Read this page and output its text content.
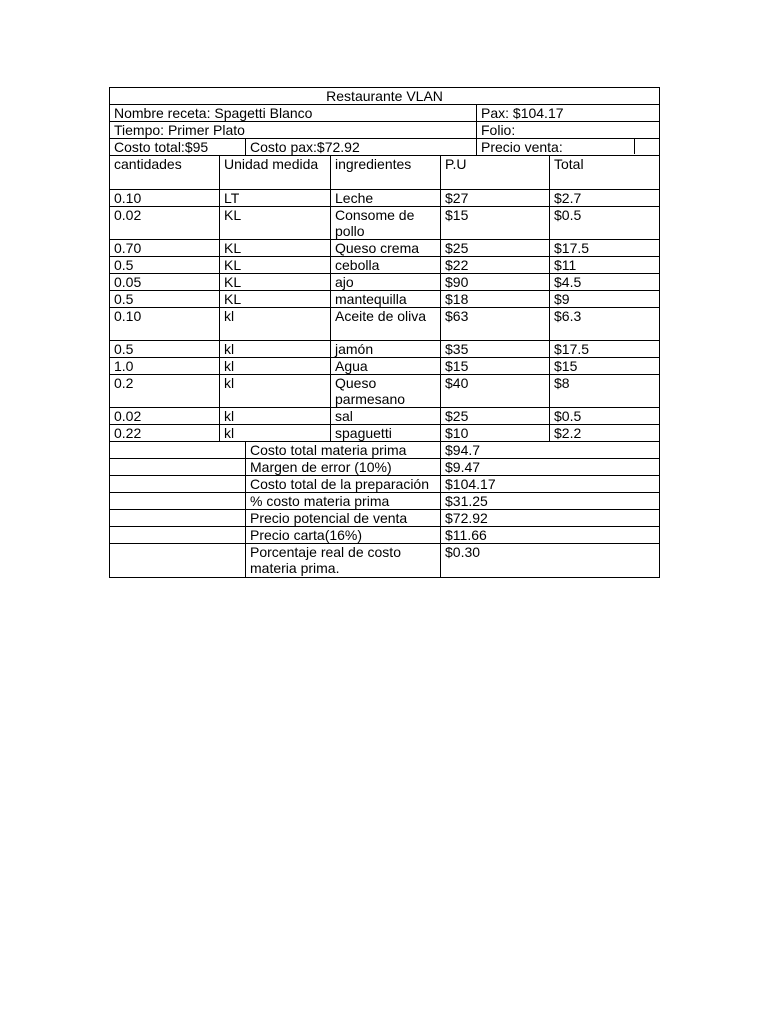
Restaurante VLAN						
Nombre receta: Spagetti Blanco					Pax: $104.17	
Tiempo: Primer Plato					Folio:	
Costo total:$95		Costo pax:$72.92			Precio venta:	

cantidades	Unidad medida		ingredientes	P.U		Total
0.10	LT		Leche	$27		$2.7
0.02	KL		Consome de pollo	$15		$0.5
0.70	KL		Queso crema	$25		$17.5
0.5	KL		cebolla	$22		$11
0.05	KL		ajo	$90		$4.5
0.5	KL		mantequilla	$18		$9
0.10	kl		Aceite de oliva	$63		$6.3
0.5	kl		jamón	$35		$17.5
1.0	kl		Agua	$15		$15
0.2	kl		Queso parmesano	$40		$8
0.02	kl		sal	$25		$0.5
0.22	kl		spaguetti	$10		$2.2
		Costo total materia prima		$94.7		
		Margen de error (10%)		$9.47		
		Costo total de la preparación		$104.17		
		% costo materia prima		$31.25		
		Precio potencial de venta		$72.92		
		Precio carta(16%)		$11.66		
		Porcentaje real de costo materia prima.		$0.30		
